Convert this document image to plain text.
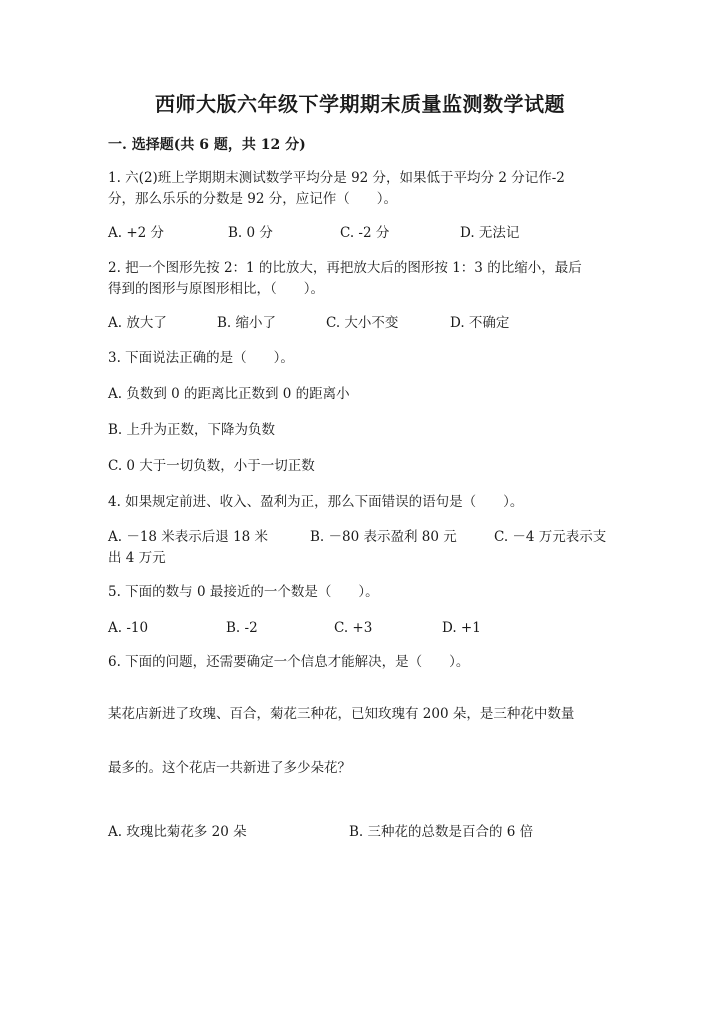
西师大版六年级下学期期末质量监测数学试题
一. 选择题(共 6 题，共 12 分)
1. 六(2)班上学期期末测试数学平均分是 92 分，如果低于平均分 2 分记作-2
分，那么乐乐的分数是 92 分，应记作（　　）。
A. +2 分	B. 0 分	C. -2 分	D. 无法记
2. 把一个图形先按 2：1 的比放大，再把放大后的图形按 1：3 的比缩小，最后
得到的图形与原图形相比，（　　）。
A. 放大了	B. 缩小了	C. 大小不变	D. 不确定
3. 下面说法正确的是（　　）。
A. 负数到 0 的距离比正数到 0 的距离小
B. 上升为正数，下降为负数
C. 0 大于一切负数，小于一切正数
4. 如果规定前进、收入、盈利为正，那么下面错误的语句是（　　）。
A. －18 米表示后退 18 米	B. －80 表示盈利 80 元	C. －4 万元表示支
出 4 万元
5. 下面的数与 0 最接近的一个数是（　　）。
A. -10	B. -2	C. +3	D. +1
6. 下面的问题，还需要确定一个信息才能解决，是（　　）。
某花店新进了玫瑰、百合，菊花三种花，已知玫瑰有 200 朵，是三种花中数量
最多的。这个花店一共新进了多少朵花？
A. 玫瑰比菊花多 20 朵	B. 三种花的总数是百合的 6 倍
